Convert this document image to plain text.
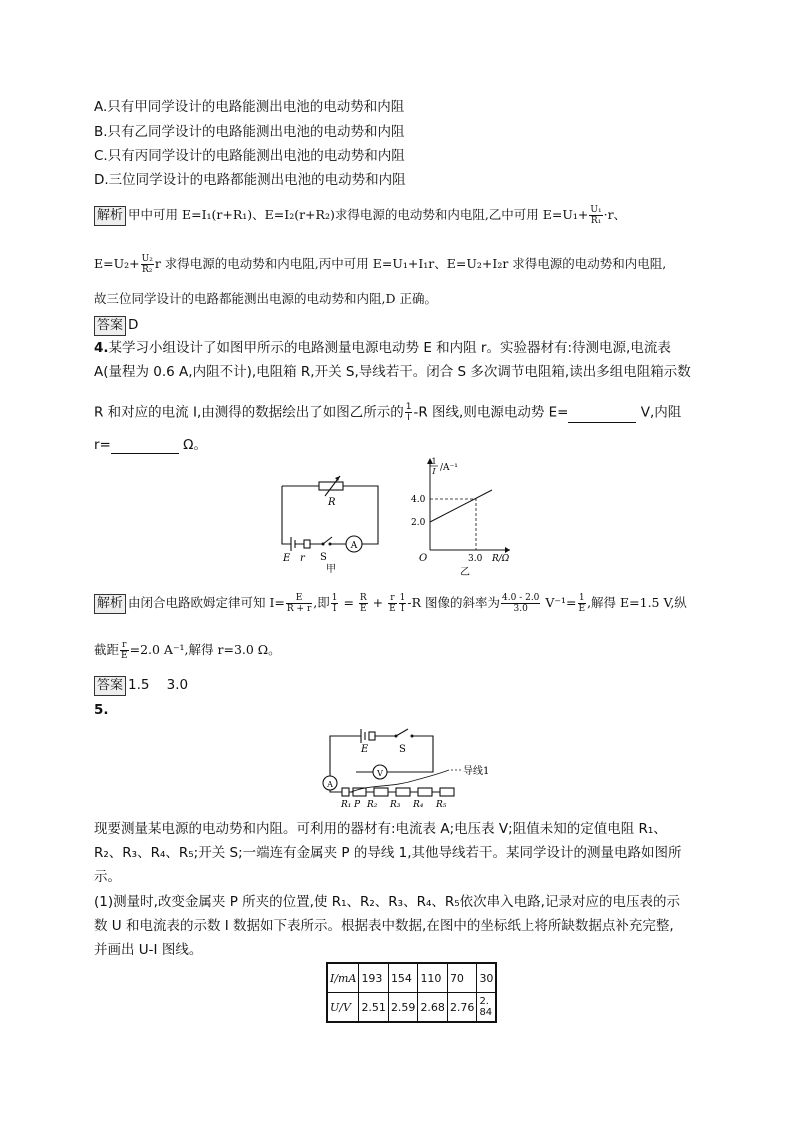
A.只有甲同学设计的电路能测出电池的电动势和内阻
B.只有乙同学设计的电路能测出电池的电动势和内阻
C.只有丙同学设计的电路能测出电池的电动势和内阻
D.三位同学设计的电路都能测出电池的电动势和内阻
解析 甲中可用 E=I₁(r+R₁)、E=I₂(r+R₂)求得电源的电动势和内电阻,乙中可用 $E=U_1+ \frac{\text{U₁}}{\text{R₁}} \cdot r$、
$E=U_2+ \frac{\text{U₂}}{\text{R₂}}$ r 求得电源的电动势和内电阻,丙中可用 E=U₁+I₁r、E=U₂+I₂r 求得电源的电动势和内电阻,
故三位同学设计的电路都能测出电源的电动势和内阻,D 正确。
答案 D
4.某学习小组设计了如图甲所示的电路测量电源电动势 E 和内阻 r。实验器材有:待测电源,电流表
A(量程为 0.6 A,内阻不计),电阻箱 R,开关 S,导线若干。闭合 S 多次调节电阻箱,读出多组电阻箱示数
R 和对应的电流 I,由测得的数据绘出了如图乙所示的 $\frac{1}{I} -R$ 图线,则电源电动势 E=	V,内阻
r=	Ω。
R
A
E r S
甲
1
I /A⁻¹
4.0
2.0
O	3.0 R/Ω
乙
解析 由闭合电路欧姆定律可知 $I= \frac{E}{R + r}$ ,即 $\frac{1}{I} = \frac{R}{E} + \frac{r}{E} \frac{1}{I} -R$ 图像的斜率为 $\frac{4.0 - 2.0}{3.0} V^{-1}= \frac{1}{E}$ ,解得 E=1.5 V,纵
截距 $\frac{r}{E} =2.0$ A⁻¹,解得 r=3.0 Ω。
答案 1.5    3.0
5.
E	S
V
A
导线1
R₁ P R₂ R₃ R₄ R₅
现要测量某电源的电动势和内阻。可利用的器材有:电流表 A;电压表 V;阻值未知的定值电阻 R₁、
R₂、R₃、R₄、R₅;开关 S;一端连有金属夹 P 的导线 1,其他导线若干。某同学设计的测量电路如图所
示。
(1)测量时,改变金属夹 P 所夹的位置,使 R₁、R₂、R₃、R₄、R₅依次串入电路,记录对应的电压表的示
数 U 和电流表的示数 I 数据如下表所示。根据表中数据,在图中的坐标纸上将所缺数据点补充完整,
并画出 U-I 图线。
I/mA	193	154	110	70	30
U/V	2.51	2.59	2.68	2.76	2.84
